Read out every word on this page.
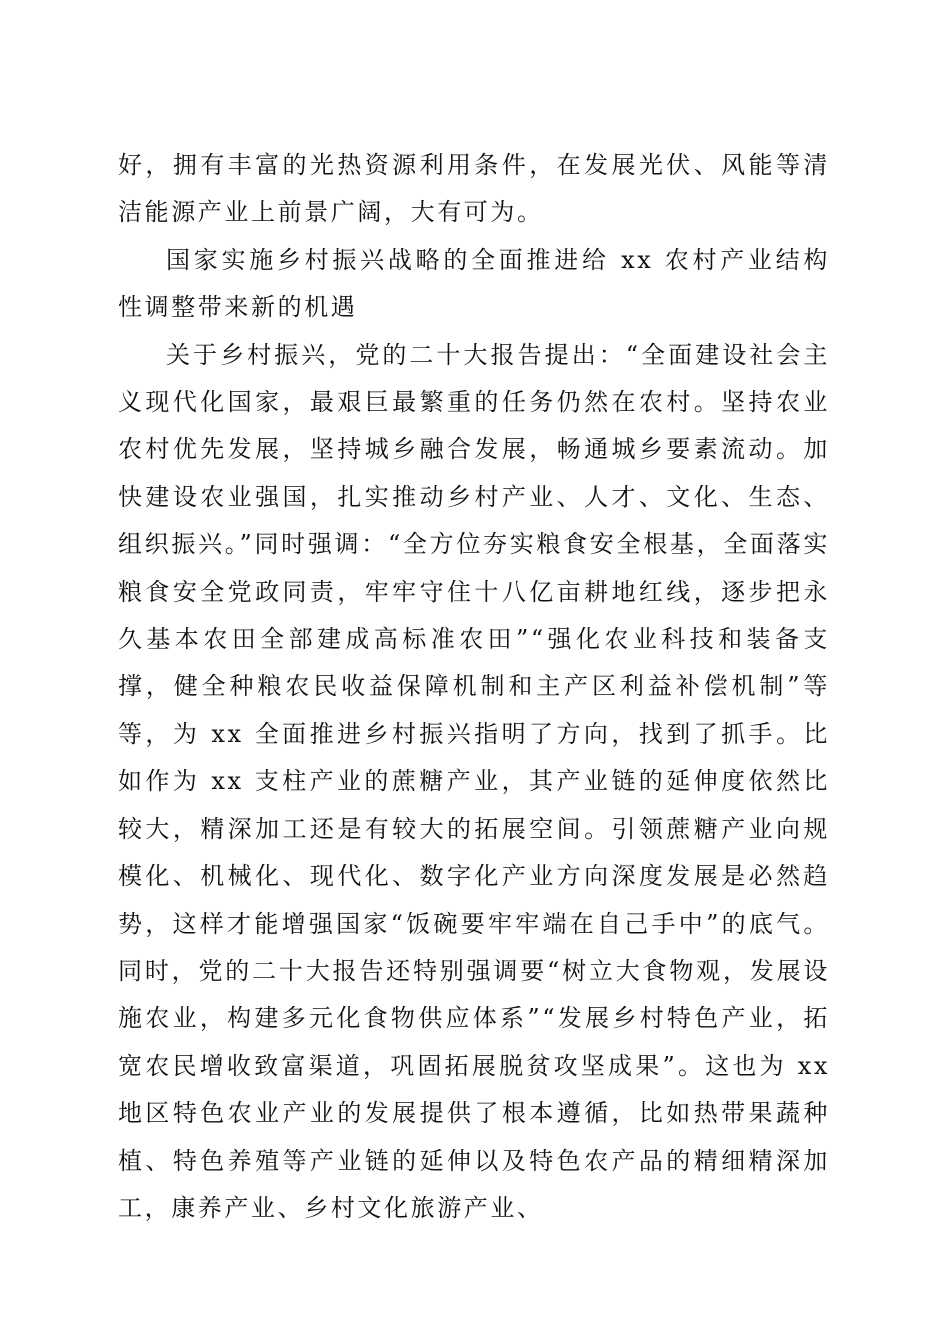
好，拥有丰富的光热资源利用条件，在发展光伏、风能等清洁能源产业上前景广阔，大有可为。

国家实施乡村振兴战略的全面推进给 xx 农村产业结构性调整带来新的机遇

关于乡村振兴，党的二十大报告提出：“全面建设社会主义现代化国家，最艰巨最繁重的任务仍然在农村。坚持农业农村优先发展，坚持城乡融合发展，畅通城乡要素流动。加快建设农业强国，扎实推动乡村产业、人才、文化、生态、组织振兴。”同时强调：“全方位夯实粮食安全根基，全面落实粮食安全党政同责，牢牢守住十八亿亩耕地红线，逐步把永久基本农田全部建成高标准农田”“强化农业科技和装备支撑，健全种粮农民收益保障机制和主产区利益补偿机制”等等，为 xx 全面推进乡村振兴指明了方向，找到了抓手。比如作为 xx 支柱产业的蔗糖产业，其产业链的延伸度依然比较大，精深加工还是有较大的拓展空间。引领蔗糖产业向规模化、机械化、现代化、数字化产业方向深度发展是必然趋势，这样才能增强国家“饭碗要牢牢端在自己手中”的底气。同时，党的二十大报告还特别强调要“树立大食物观，发展设施农业，构建多元化食物供应体系”“发展乡村特色产业，拓宽农民增收致富渠道，巩固拓展脱贫攻坚成果”。这也为 xx 地区特色农业产业的发展提供了根本遵循，比如热带果蔬种植、特色养殖等产业链的延伸以及特色农产品的精细精深加工，康养产业、乡村文化旅游产业、
